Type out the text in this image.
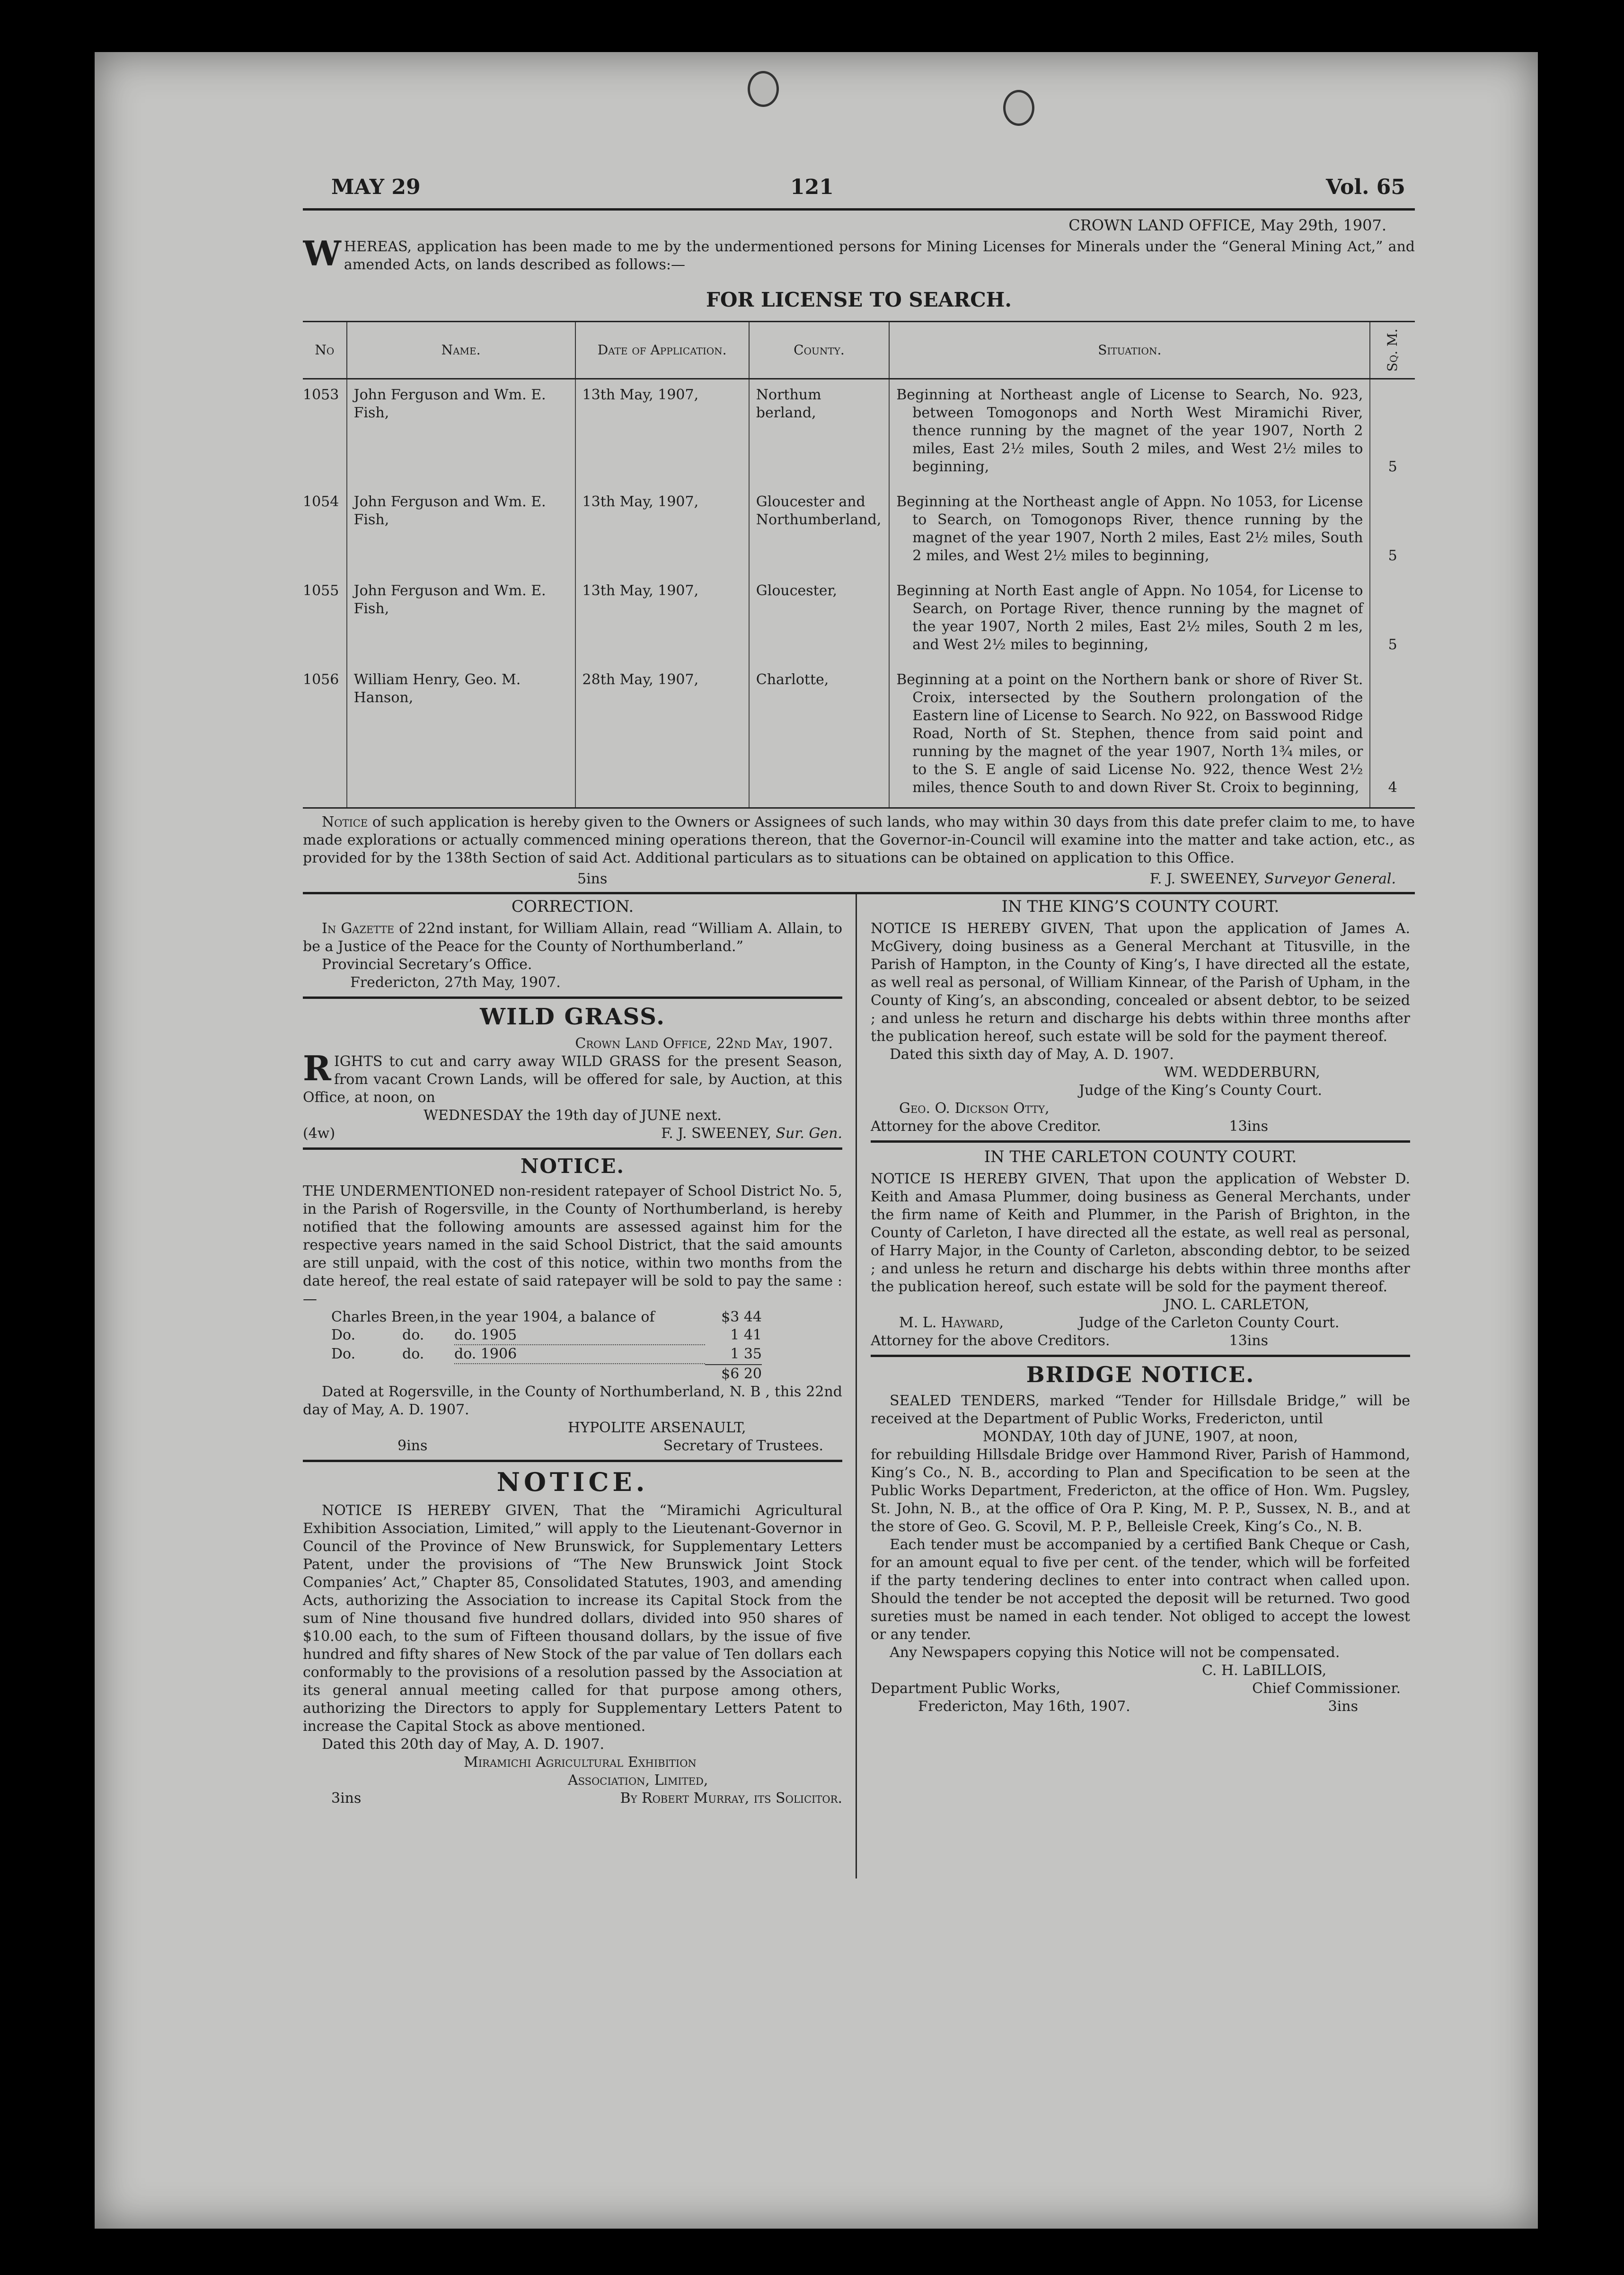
MAY 29	121	Vol. 65

CROWN LAND OFFICE, May 29th, 1907.

W HEREAS, application has been made to me by the undermentioned persons for Mining Licenses for Minerals under the “General Mining Act,” and amended Acts, on lands described as follows:—

FOR LICENSE TO SEARCH.
No	Name.	Date of Application.	County.	Situation.	Sq. M.

1053	John Ferguson and Wm. E. Fish,	13th May, 1907,	Northum berland,	Beginning at Northeast angle of License to Search, No. 923, between Tomogonops and North West Miramichi River, thence running by the magnet of the year 1907, North 2 miles, East 2½ miles, South 2 miles, and West 2½ miles to beginning,	5
1054	John Ferguson and Wm. E. Fish,	13th May, 1907,	Gloucester and Northumberland,	Beginning at the Northeast angle of Appn. No 1053, for License to Search, on Tomogonops River, thence running by the magnet of the year 1907, North 2 miles, East 2½ miles, South 2 miles, and West 2½ miles to beginning,	5
1055	John Ferguson and Wm. E. Fish,	13th May, 1907,	Gloucester,	Beginning at North East angle of Appn. No 1054, for License to Search, on Portage River, thence running by the magnet of the year 1907, North 2 miles, East 2½ miles, South 2 m les, and West 2½ miles to beginning,	5
1056	William Henry, Geo. M. Hanson,	28th May, 1907,	Charlotte,	Beginning at a point on the Northern bank or shore of River St. Croix, intersected by the Southern prolongation of the Eastern line of License to Search. No 922, on Basswood Ridge Road, North of St. Stephen, thence from said point and running by the magnet of the year 1907, North 1¾ miles, or to the S. E angle of said License No. 922, thence West 2½ miles, thence South to and down River St. Croix to beginning,	4

Notice of such application is hereby given to the Owners or Assignees of such lands, who may within 30 days from this date prefer claim to me, to have made explorations or actually commenced mining operations thereon, that the Governor-in-Council will examine into the matter and take action, etc., as provided for by the 138th Section of said Act. Additional particulars as to situations can be obtained on application to this Office.

5ins	F. J. SWEENEY, Surveyor General.
CORRECTION.

In Gazette of 22nd instant, for William Allain, read “William A. Allain, to be a Justice of the Peace for the County of Northumberland.”

Provincial Secretary’s Office.

Fredericton, 27th May, 1907.

WILD GRASS.

Crown Land Office, 22nd May, 1907.

R IGHTS to cut and carry away WILD GRASS for the present Season, from vacant Crown Lands, will be offered for sale, by Auction, at this Office, at noon, on

WEDNESDAY the 19th day of JUNE next.

(4w)	F. J. SWEENEY, Sur. Gen.
NOTICE.

THE UNDERMENTIONED non-resident ratepayer of School District No. 5, in the Parish of Rogersville, in the County of Northumberland, is hereby notified that the following amounts are assessed against him for the respective years named in the said School District, that the said amounts are still unpaid, with the cost of this notice, within two months from the date hereof, the real estate of said ratepayer will be sold to pay the same :—

Charles Breen, in the year 1904, a balance of	$3 44
Do.	do.	do. 1905	1 41
Do.	do.	do. 1906	1 35
$6 20

Dated at Rogersville, in the County of Northumberland, N. B , this 22nd day of May, A. D. 1907.

HYPOLITE ARSENAULT,

9ins	Secretary of Trustees.
NOTICE.

NOTICE IS HEREBY GIVEN, That the “Miramichi Agricultural Exhibition Association, Limited,” will apply to the Lieutenant-Governor in Council of the Province of New Brunswick, for Supplementary Letters Patent, under the provisions of “The New Brunswick Joint Stock Companies’ Act,” Chapter 85, Consolidated Statutes, 1903, and amending Acts, authorizing the Association to increase its Capital Stock from the sum of Nine thousand five hundred dollars, divided into 950 shares of $10.00 each, to the sum of Fifteen thousand dollars, by the issue of five hundred and fifty shares of New Stock of the par value of Ten dollars each conformably to the provisions of a resolution passed by the Association at its general annual meeting called for that purpose among others, authorizing the Directors to apply for Supplementary Letters Patent to increase the Capital Stock as above mentioned.

Dated this 20th day of May, A. D. 1907.

Miramichi Agricultural Exhibition

Association, Limited,

3ins	By Robert Murray, its Solicitor.
IN THE KING’S COUNTY COURT.

NOTICE IS HEREBY GIVEN, That upon the application of James A. McGivery, doing business as a General Merchant at Titusville, in the Parish of Hampton, in the County of King’s, I have directed all the estate, as well real as personal, of William Kinnear, of the Parish of Upham, in the County of King’s, an absconding, concealed or absent debtor, to be seized ; and unless he return and discharge his debts within three months after the publication hereof, such estate will be sold for the payment thereof.

Dated this sixth day of May, A. D. 1907.

WM. WEDDERBURN,

Judge of the King’s County Court.

Geo. O. Dickson Otty,

Attorney for the above Creditor.	13ins
IN THE CARLETON COUNTY COURT.

NOTICE IS HEREBY GIVEN, That upon the application of Webster D. Keith and Amasa Plummer, doing business as General Merchants, under the firm name of Keith and Plummer, in the Parish of Brighton, in the County of Carleton, I have directed all the estate, as well real as personal, of Harry Major, in the County of Carleton, absconding debtor, to be seized ; and unless he return and discharge his debts within three months after the publication hereof, such estate will be sold for the payment thereof.

JNO. L. CARLETON,

M. L. Hayward,	Judge of the Carleton County Court.

Attorney for the above Creditors.	13ins
BRIDGE NOTICE.

SEALED TENDERS, marked “Tender for Hillsdale Bridge,” will be received at the Department of Public Works, Fredericton, until

MONDAY, 10th day of JUNE, 1907, at noon,

for rebuilding Hillsdale Bridge over Hammond River, Parish of Hammond, King’s Co., N. B., according to Plan and Specification to be seen at the Public Works Department, Fredericton, at the office of Hon. Wm. Pugsley, St. John, N. B., at the office of Ora P. King, M. P. P., Sussex, N. B., and at the store of Geo. G. Scovil, M. P. P., Belleisle Creek, King’s Co., N. B.

Each tender must be accompanied by a certified Bank Cheque or Cash, for an amount equal to five per cent. of the tender, which will be forfeited if the party tendering declines to enter into contract when called upon. Should the tender be not accepted the deposit will be returned. Two good sureties must be named in each tender. Not obliged to accept the lowest or any tender.

Any Newspapers copying this Notice will not be compensated.

C. H. LaBILLOIS,

Department Public Works,	Chief Commissioner.
Fredericton, May 16th, 1907.	3ins
